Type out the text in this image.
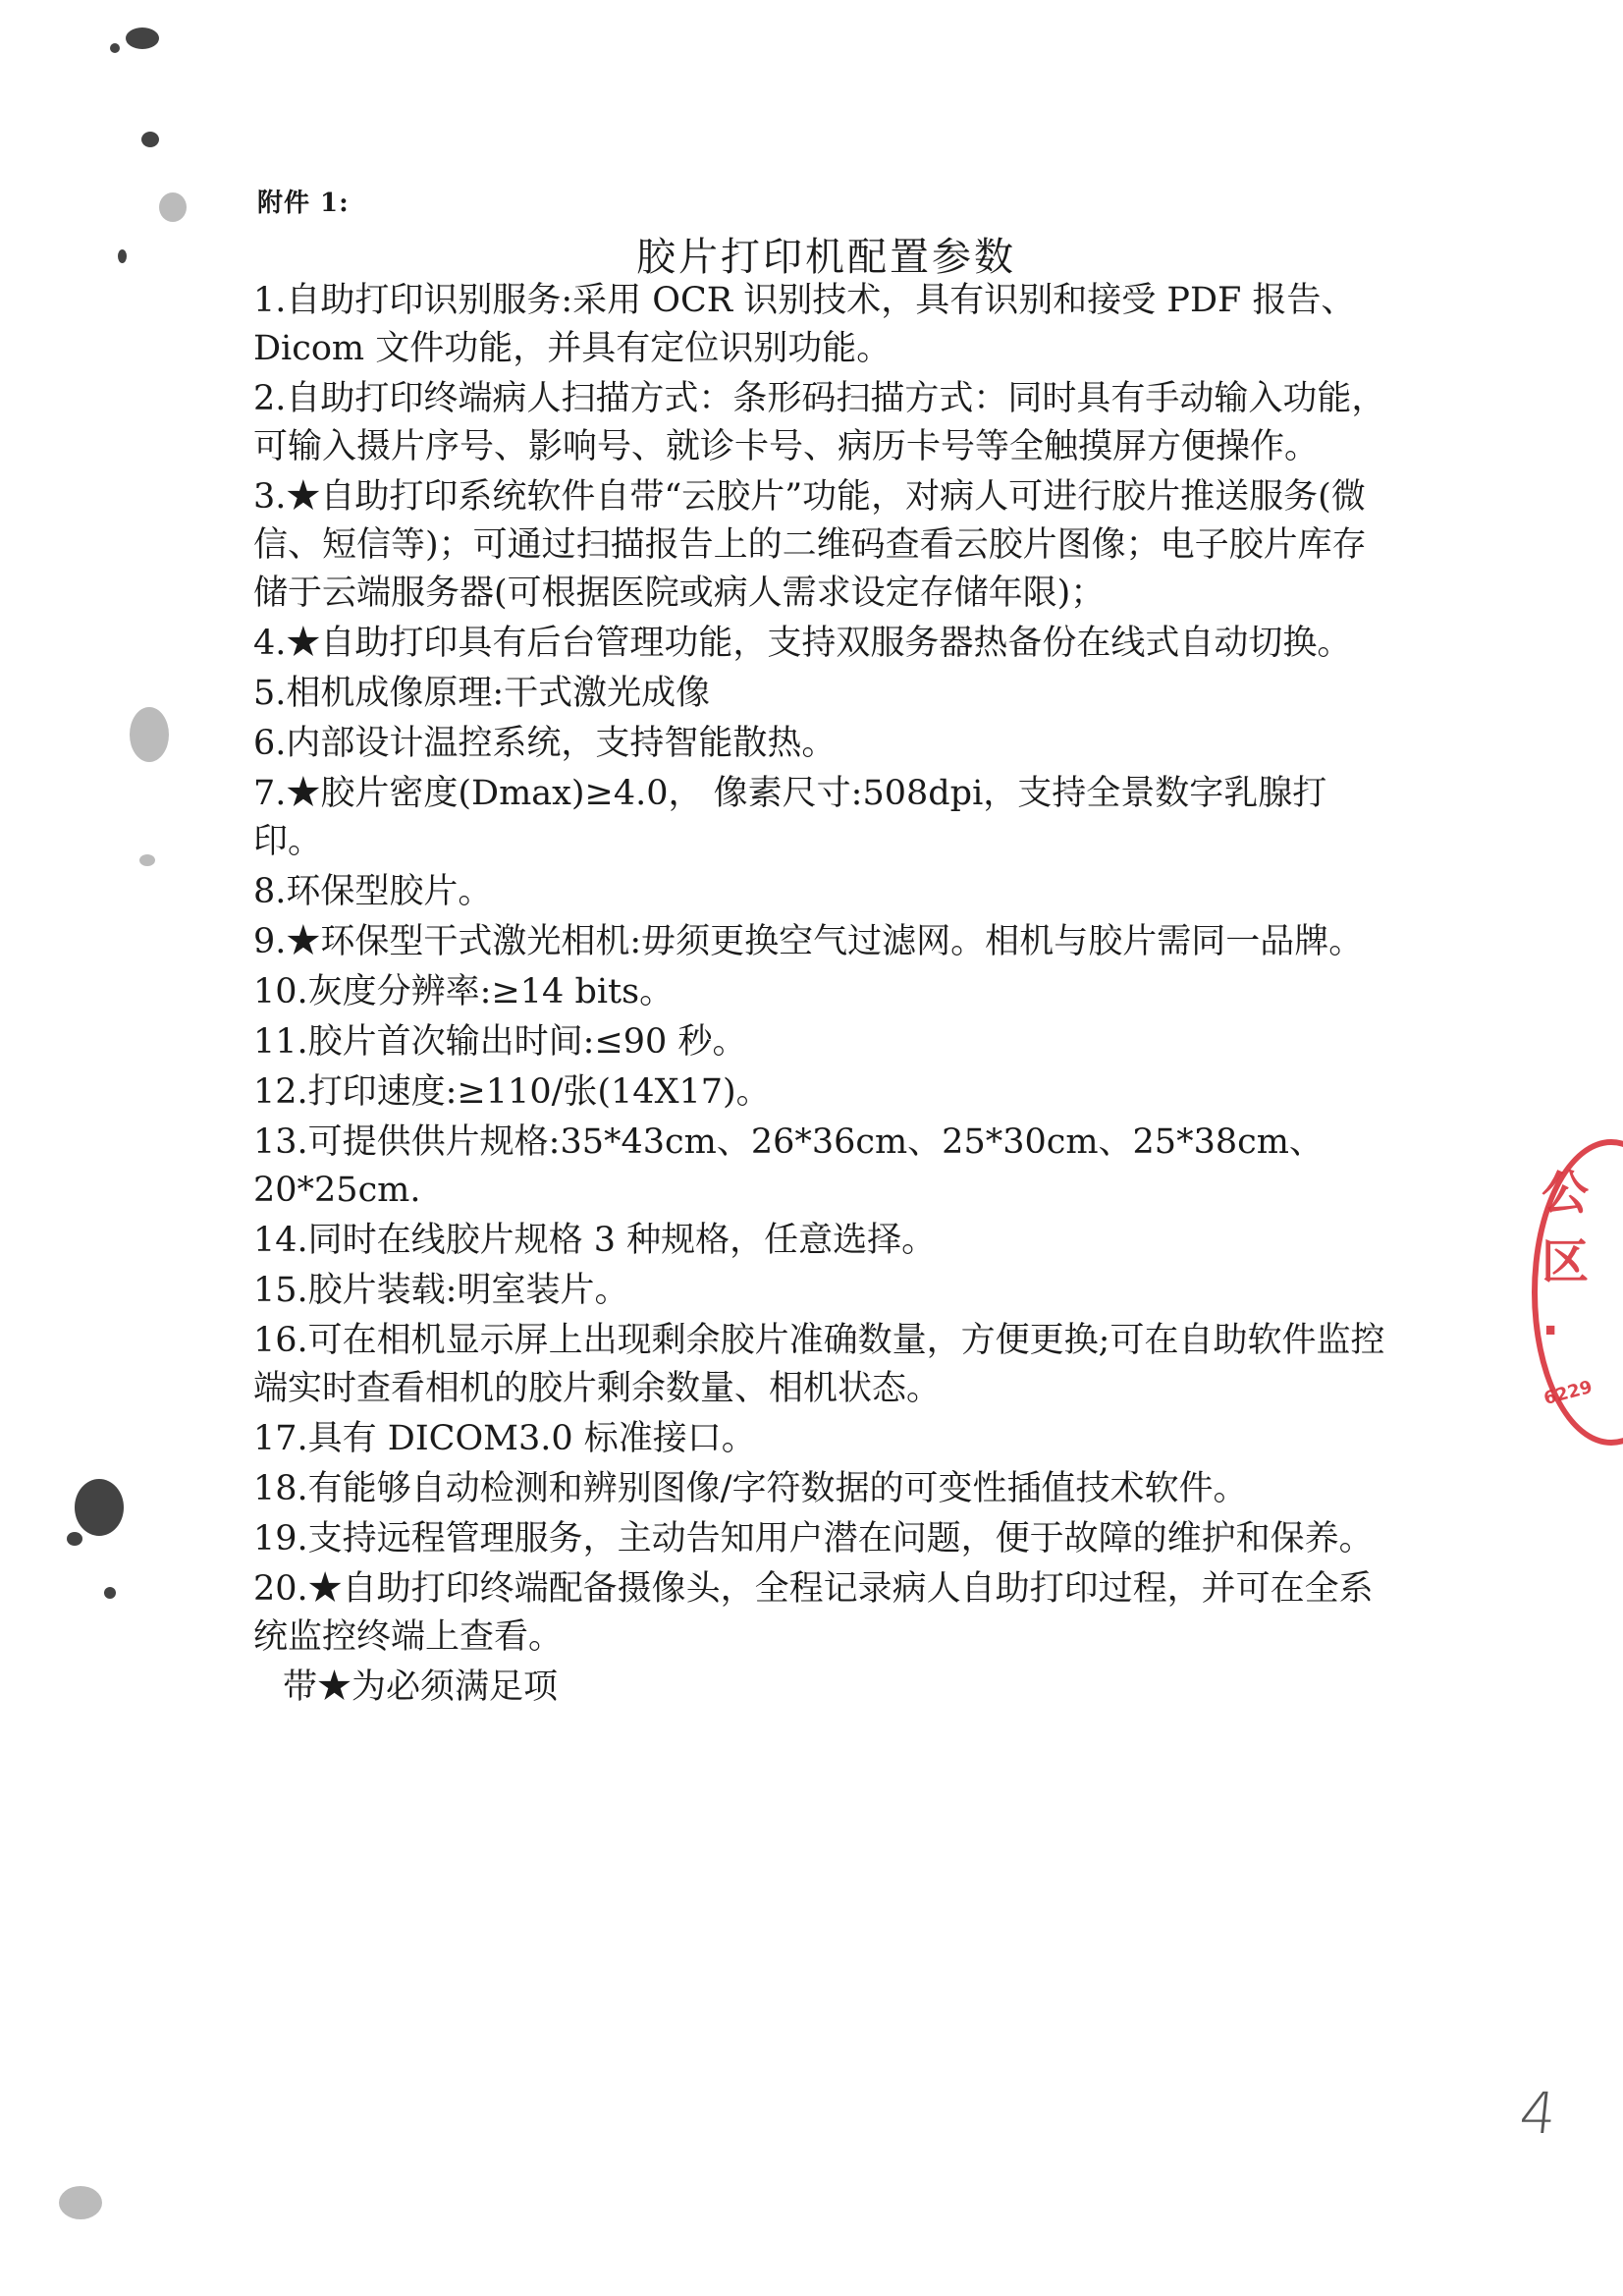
附件 1:
胶片打印机配置参数
1.自助打印识别服务:采用 OCR 识别技术，具有识别和接受 PDF 报告、Dicom 文件功能，并具有定位识别功能。
2.自助打印终端病人扫描方式：条形码扫描方式：同时具有手动输入功能，可输入摄片序号、影响号、就诊卡号、病历卡号等全触摸屏方便操作。
3.★自助打印系统软件自带“云胶片”功能，对病人可进行胶片推送服务(微信、短信等)；可通过扫描报告上的二维码查看云胶片图像；电子胶片库存储于云端服务器(可根据医院或病人需求设定存储年限)；
4.★自助打印具有后台管理功能，支持双服务器热备份在线式自动切换。
5.相机成像原理:干式激光成像
6.内部设计温控系统，支持智能散热。
7.★胶片密度(Dmax)≥4.0， 像素尺寸:508dpi，支持全景数字乳腺打印。
8.环保型胶片。
9.★环保型干式激光相机:毋须更换空气过滤网。相机与胶片需同一品牌。
10.灰度分辨率:≥14 bits。
11.胶片首次输出时间:≤90 秒。
12.打印速度:≥110/张(14X17)。
13.可提供供片规格:35*43cm、26*36cm、25*30cm、25*38cm、20*25cm.
14.同时在线胶片规格 3 种规格，任意选择。
15.胶片装载:明室装片。
16.可在相机显示屏上出现剩余胶片准确数量，方便更换;可在自助软件监控端实时查看相机的胶片剩余数量、相机状态。
17.具有 DICOM3.0 标准接口。
18.有能够自动检测和辨别图像/字符数据的可变性插值技术软件。
19.支持远程管理服务，主动告知用户潜在问题，便于故障的维护和保养。
20.★自助打印终端配备摄像头，全程记录病人自助打印过程，并可在全系统监控终端上查看。
带★为必须满足项
公 区 ·
6229
4
